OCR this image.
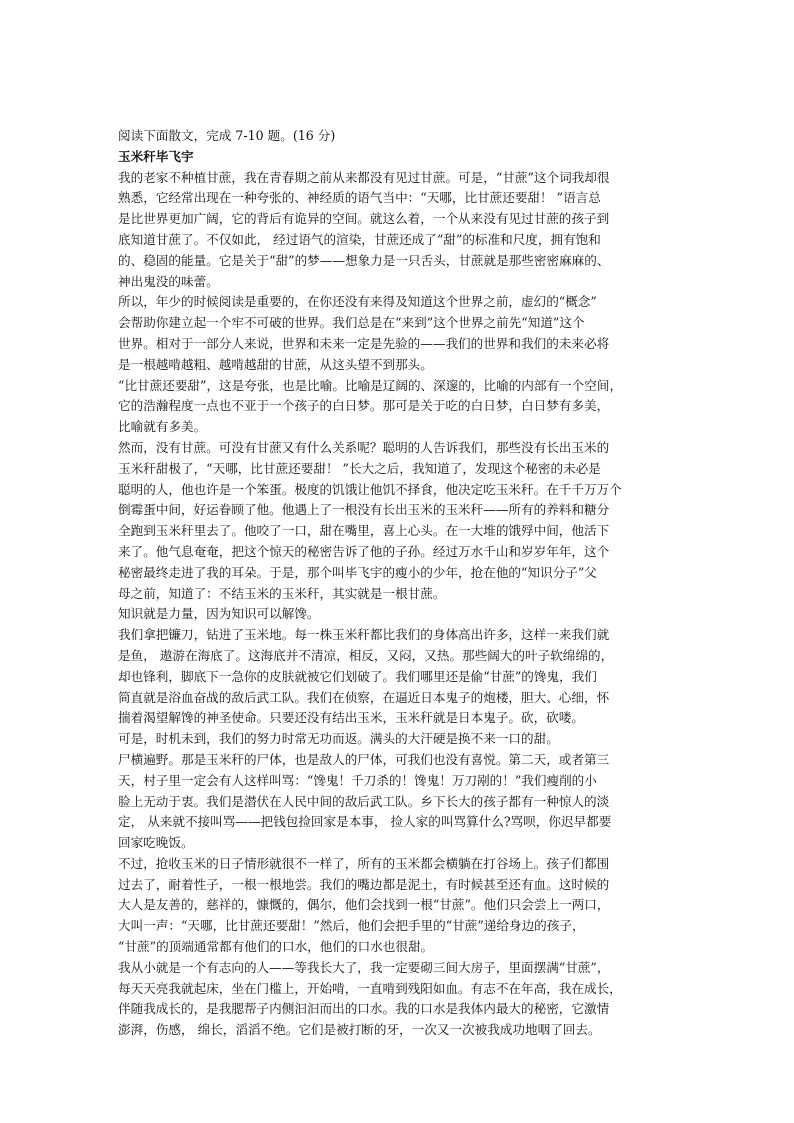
阅读下面散文，完成 7-10 题。(16 分)
玉米秆毕飞宇
我的老家不种植甘蔗，我在青春期之前从来都没有见过甘蔗。可是，“甘蔗”这个词我却很
熟悉，它经常出现在一种夸张的、神经质的语气当中：“天哪，比甘蔗还要甜！ ”语言总
是比世界更加广阔，它的背后有诡异的空间。就这么着，一个从来没有见过甘蔗的孩子到
底知道甘蔗了。不仅如此， 经过语气的渲染，甘蔗还成了“甜”的标准和尺度，拥有饱和
的、稳固的能量。它是关于“甜”的梦——想象力是一只舌头，甘蔗就是那些密密麻麻的、
神出鬼没的味蕾。
所以，年少的时候阅读是重要的，在你还没有来得及知道这个世界之前，虚幻的“概念”
会帮助你建立起一个牢不可破的世界。我们总是在“来到”这个世界之前先“知道”这个
世界。相对于一部分人来说，世界和未来一定是先验的——我们的世界和我们的未来必将
是一根越啃越粗、越啃越甜的甘蔗，从这头望不到那头。
“比甘蔗还要甜”，这是夸张，也是比喻。比喻是辽阔的、深邃的，比喻的内部有一个空间，
它的浩瀚程度一点也不亚于一个孩子的白日梦。那可是关于吃的白日梦，白日梦有多美，
比喻就有多美。
然而，没有甘蔗。可没有甘蔗又有什么关系呢？聪明的人告诉我们，那些没有长出玉米的
玉米秆甜极了，“天哪，比甘蔗还要甜！ ”长大之后，我知道了，发现这个秘密的未必是
聪明的人，他也许是一个笨蛋。极度的饥饿让他饥不择食，他决定吃玉米秆。在千千万万个
倒霉蛋中间，好运眷顾了他。他遇上了一根没有长出玉米的玉米秆——所有的养料和糖分
全跑到玉米秆里去了。他咬了一口，甜在嘴里，喜上心头。在一大堆的饿殍中间，他活下
来了。他气息奄奄，把这个惊天的秘密告诉了他的子孙。经过万水千山和岁岁年年，这个
秘密最终走进了我的耳朵。于是，那个叫毕飞宇的瘦小的少年，抢在他的“知识分子”父
母之前，知道了：不结玉米的玉米秆，其实就是一根甘蔗。
知识就是力量，因为知识可以解馋。
我们拿把镰刀，钻进了玉米地。每一株玉米秆都比我们的身体高出许多，这样一来我们就
是鱼， 遨游在海底了。这海底并不清凉，相反，又闷，又热。那些阔大的叶子软绵绵的，
却也锋利，脚底下一急你的皮肤就被它们划破了。我们哪里还是偷“甘蔗”的馋鬼，我们
简直就是浴血奋战的敌后武工队。我们在侦察，在逼近日本鬼子的炮楼，胆大、心细，怀
揣着渴望解馋的神圣使命。只要还没有结出玉米，玉米秆就是日本鬼子。砍，砍喽。
可是，时机未到，我们的努力时常无功而返。满头的大汗硬是换不来一口的甜。
尸横遍野。那是玉米秆的尸体，也是敌人的尸体，可我们也没有喜悦。第二天，或者第三
天，村子里一定会有人这样叫骂：“馋鬼！千刀杀的！馋鬼！万刀剐的！”我们瘦削的小
脸上无动于衷。我们是潜伏在人民中间的敌后武工队。乡下长大的孩子都有一种惊人的淡
定， 从来就不接叫骂——把钱包捡回家是本事， 捡人家的叫骂算什么?骂呗，你迟早都要
回家吃晚饭。
不过，抢收玉米的日子情形就很不一样了，所有的玉米都会横躺在打谷场上。孩子们都围
过去了，耐着性子，一根一根地尝。我们的嘴边都是泥土，有时候甚至还有血。这时候的
大人是友善的，慈祥的，慷慨的，偶尔，他们会找到一根“甘蔗”。他们只会尝上一两口，
大叫一声：“天哪，比甘蔗还要甜！”然后，他们会把手里的“甘蔗”递给身边的孩子，
“甘蔗”的顶端通常都有他们的口水，他们的口水也很甜。
我从小就是一个有志向的人——等我长大了，我一定要砌三间大房子，里面摆满“甘蔗”，
每天天亮我就起床，坐在门槛上，开始啃，一直啃到残阳如血。有志不在年高，我在成长，
伴随我成长的，是我腮帮子内侧汩汩而出的口水。我的口水是我体内最大的秘密，它激情
澎湃，伤感， 绵长，滔滔不绝。它们是被打断的牙，一次又一次被我成功地咽了回去。
